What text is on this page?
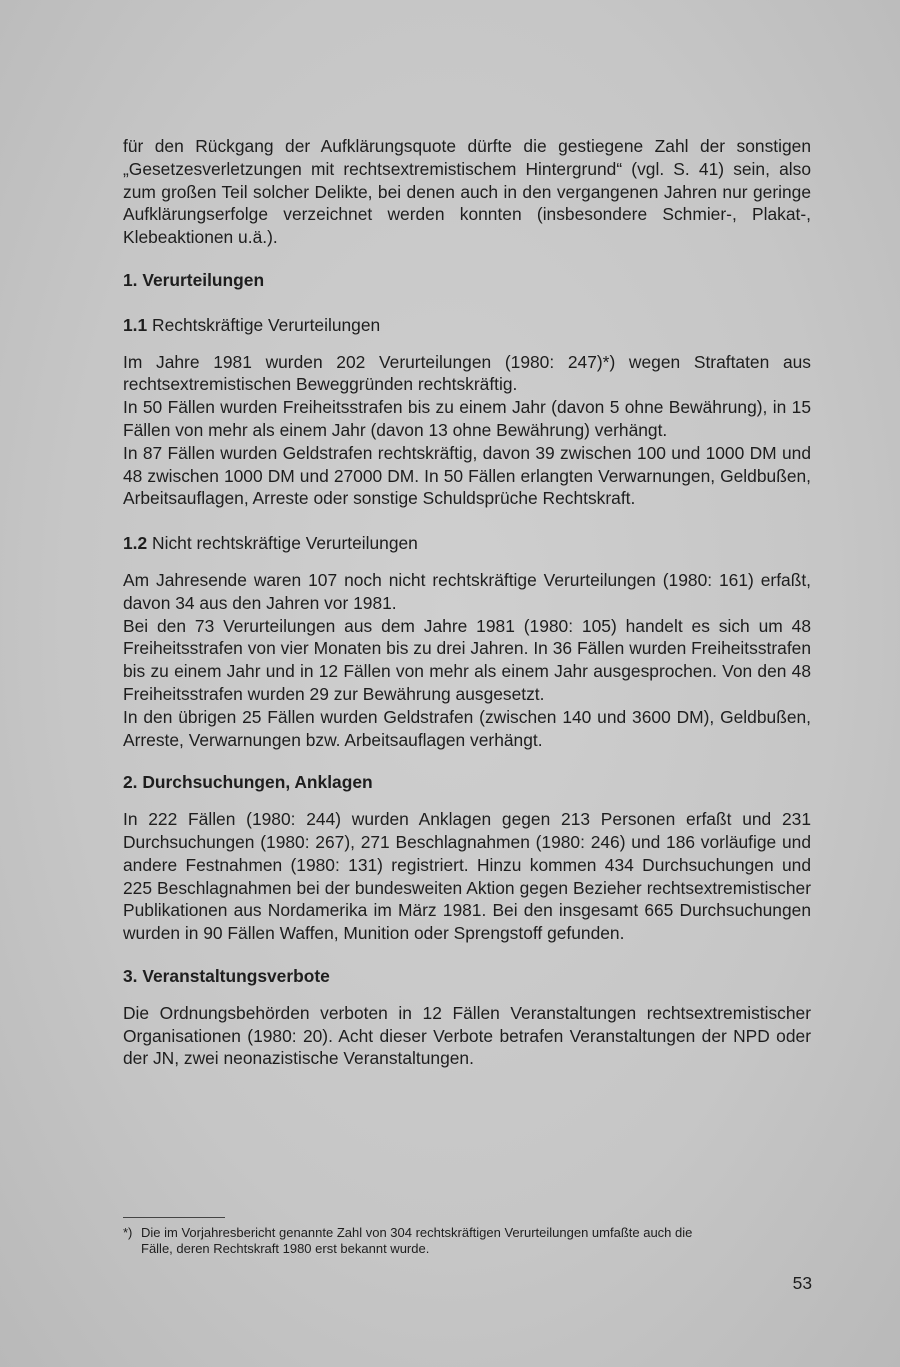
für den Rückgang der Aufklärungsquote dürfte die gestiegene Zahl der sonstigen „Gesetzesverletzungen mit rechtsextremistischem Hintergrund“ (vgl. S. 41) sein, also zum großen Teil solcher Delikte, bei denen auch in den vergangenen Jahren nur geringe Aufklärungserfolge verzeichnet werden konnten (insbesondere Schmier-, Plakat-, Klebeaktionen u.ä.).

1. Verurteilungen
1.1 Rechtskräftige Verurteilungen

Im Jahre 1981 wurden 202 Verurteilungen (1980: 247)*) wegen Straftaten aus rechtsextremistischen Beweggründen rechtskräftig.

In 50 Fällen wurden Freiheitsstrafen bis zu einem Jahr (davon 5 ohne Bewährung), in 15 Fällen von mehr als einem Jahr (davon 13 ohne Bewährung) verhängt.

In 87 Fällen wurden Geldstrafen rechtskräftig, davon 39 zwischen 100 und 1000 DM und 48 zwischen 1000 DM und 27000 DM. In 50 Fällen erlangten Verwarnungen, Geldbußen, Arbeitsauflagen, Arreste oder sonstige Schuldsprüche Rechtskraft.

1.2 Nicht rechtskräftige Verurteilungen

Am Jahresende waren 107 noch nicht rechtskräftige Verurteilungen (1980: 161) erfaßt, davon 34 aus den Jahren vor 1981.

Bei den 73 Verurteilungen aus dem Jahre 1981 (1980: 105) handelt es sich um 48 Freiheitsstrafen von vier Monaten bis zu drei Jahren. In 36 Fällen wurden Freiheitsstrafen bis zu einem Jahr und in 12 Fällen von mehr als einem Jahr ausgesprochen. Von den 48 Freiheitsstrafen wurden 29 zur Bewährung ausgesetzt.

In den übrigen 25 Fällen wurden Geldstrafen (zwischen 140 und 3600 DM), Geldbußen, Arreste, Verwarnungen bzw. Arbeitsauflagen verhängt.

2. Durchsuchungen, Anklagen

In 222 Fällen (1980: 244) wurden Anklagen gegen 213 Personen erfaßt und 231 Durchsuchungen (1980: 267), 271 Beschlagnahmen (1980: 246) und 186 vorläufige und andere Festnahmen (1980: 131) registriert. Hinzu kommen 434 Durchsuchungen und 225 Beschlagnahmen bei der bundesweiten Aktion gegen Bezieher rechtsextremistischer Publikationen aus Nordamerika im März 1981. Bei den insgesamt 665 Durchsuchungen wurden in 90 Fällen Waffen, Munition oder Sprengstoff gefunden.

3. Veranstaltungsverbote

Die Ordnungsbehörden verboten in 12 Fällen Veranstaltungen rechtsextremistischer Organisationen (1980: 20). Acht dieser Verbote betrafen Veranstaltungen der NPD oder der JN, zwei neonazistische Veranstaltungen.

*) Die im Vorjahresbericht genannte Zahl von 304 rechtskräftigen Verurteilungen umfaßte auch die
Fälle, deren Rechtskraft 1980 erst bekannt wurde.
53
